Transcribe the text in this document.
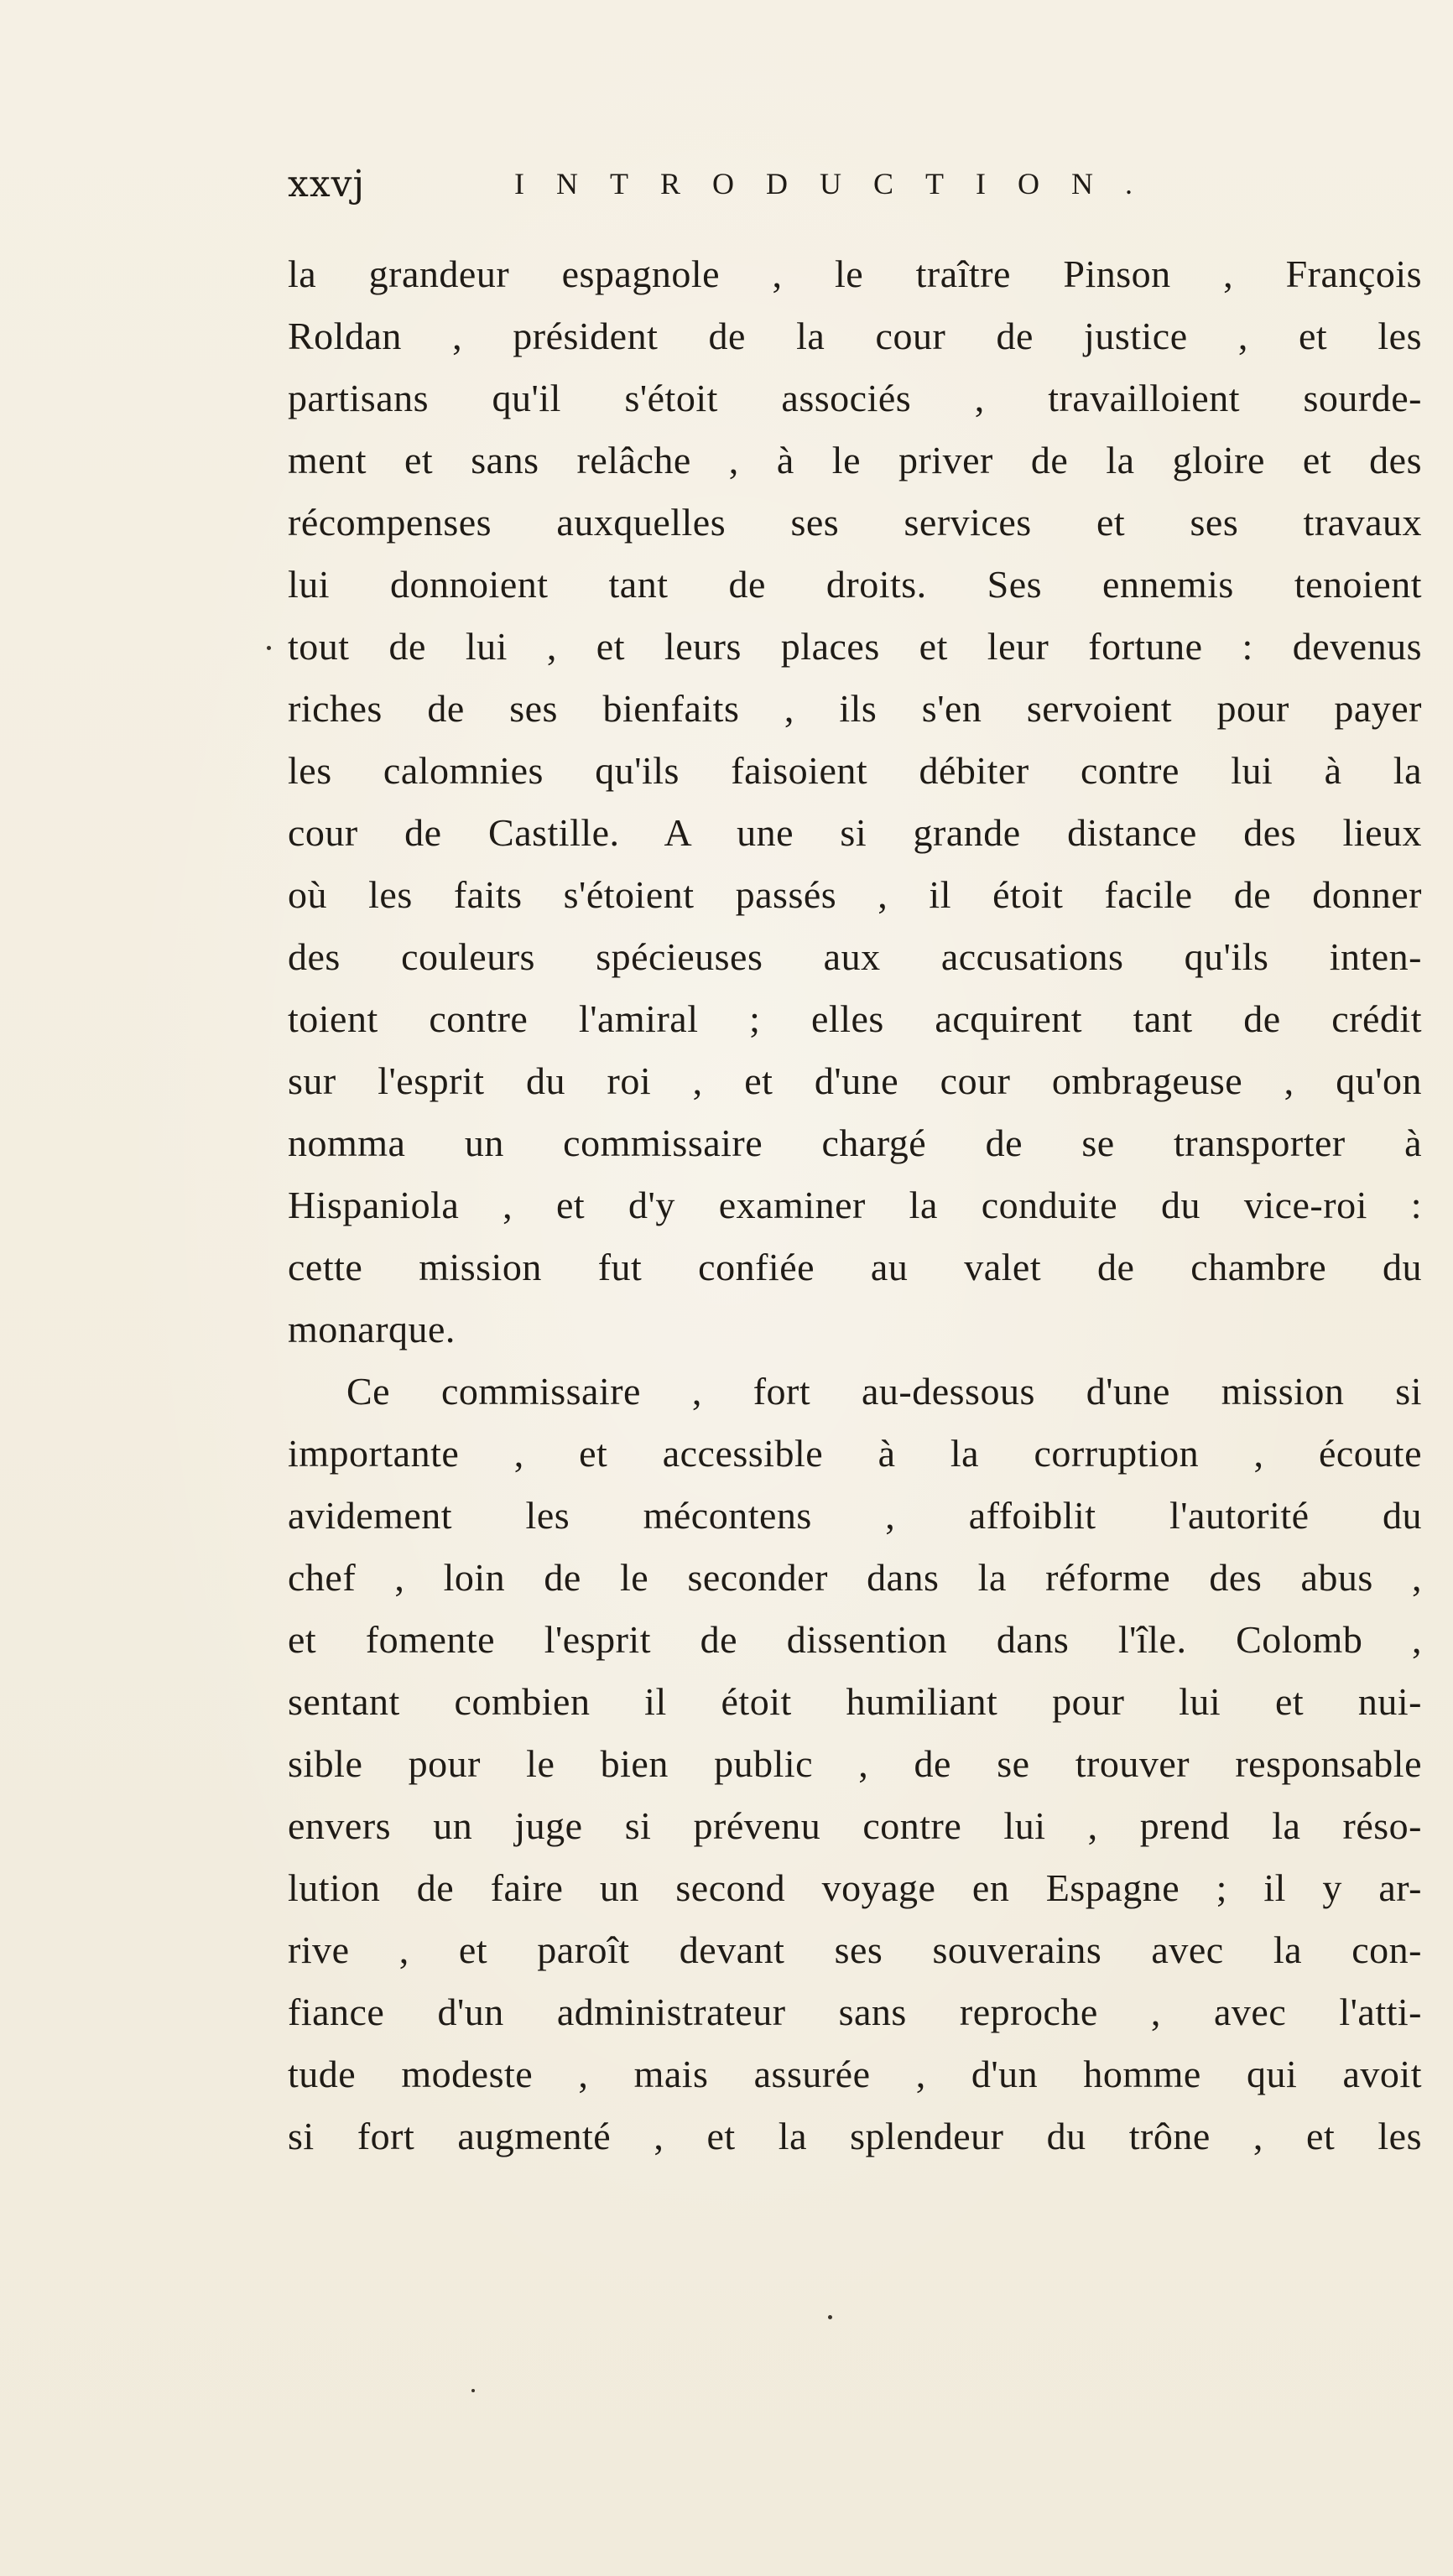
xxvj	INTRODUCTION.
la grandeur espagnole , le traître Pinson , François
Roldan , président de la cour de justice , et les
partisans qu'il s'étoit associés , travailloient sourde-
ment et sans relâche , à le priver de la gloire et des
récompenses auxquelles ses services et ses travaux
lui donnoient tant de droits. Ses ennemis tenoient
tout de lui , et leurs places et leur fortune : devenus
riches de ses bienfaits , ils s'en servoient pour payer
les calomnies qu'ils faisoient débiter contre lui à la
cour de Castille. A une si grande distance des lieux
où les faits s'étoient passés , il étoit facile de donner
des couleurs spécieuses aux accusations qu'ils inten-
toient contre l'amiral ; elles acquirent tant de crédit
sur l'esprit du roi , et d'une cour ombrageuse , qu'on
nomma un commissaire chargé de se transporter à
Hispaniola , et d'y examiner la conduite du vice-roi :
cette mission fut confiée au valet de chambre du
monarque.
Ce commissaire , fort au-dessous d'une mission si
importante , et accessible à la corruption , écoute
avidement les mécontens , affoiblit l'autorité du
chef , loin de le seconder dans la réforme des abus ,
et fomente l'esprit de dissention dans l'île. Colomb ,
sentant combien il étoit humiliant pour lui et nui-
sible pour le bien public , de se trouver responsable
envers un juge si prévenu contre lui , prend la réso-
lution de faire un second voyage en Espagne ; il y ar-
rive , et paroît devant ses souverains avec la con-
fiance d'un administrateur sans reproche , avec l'atti-
tude modeste , mais assurée , d'un homme qui avoit
si fort augmenté , et la splendeur du trône , et les
